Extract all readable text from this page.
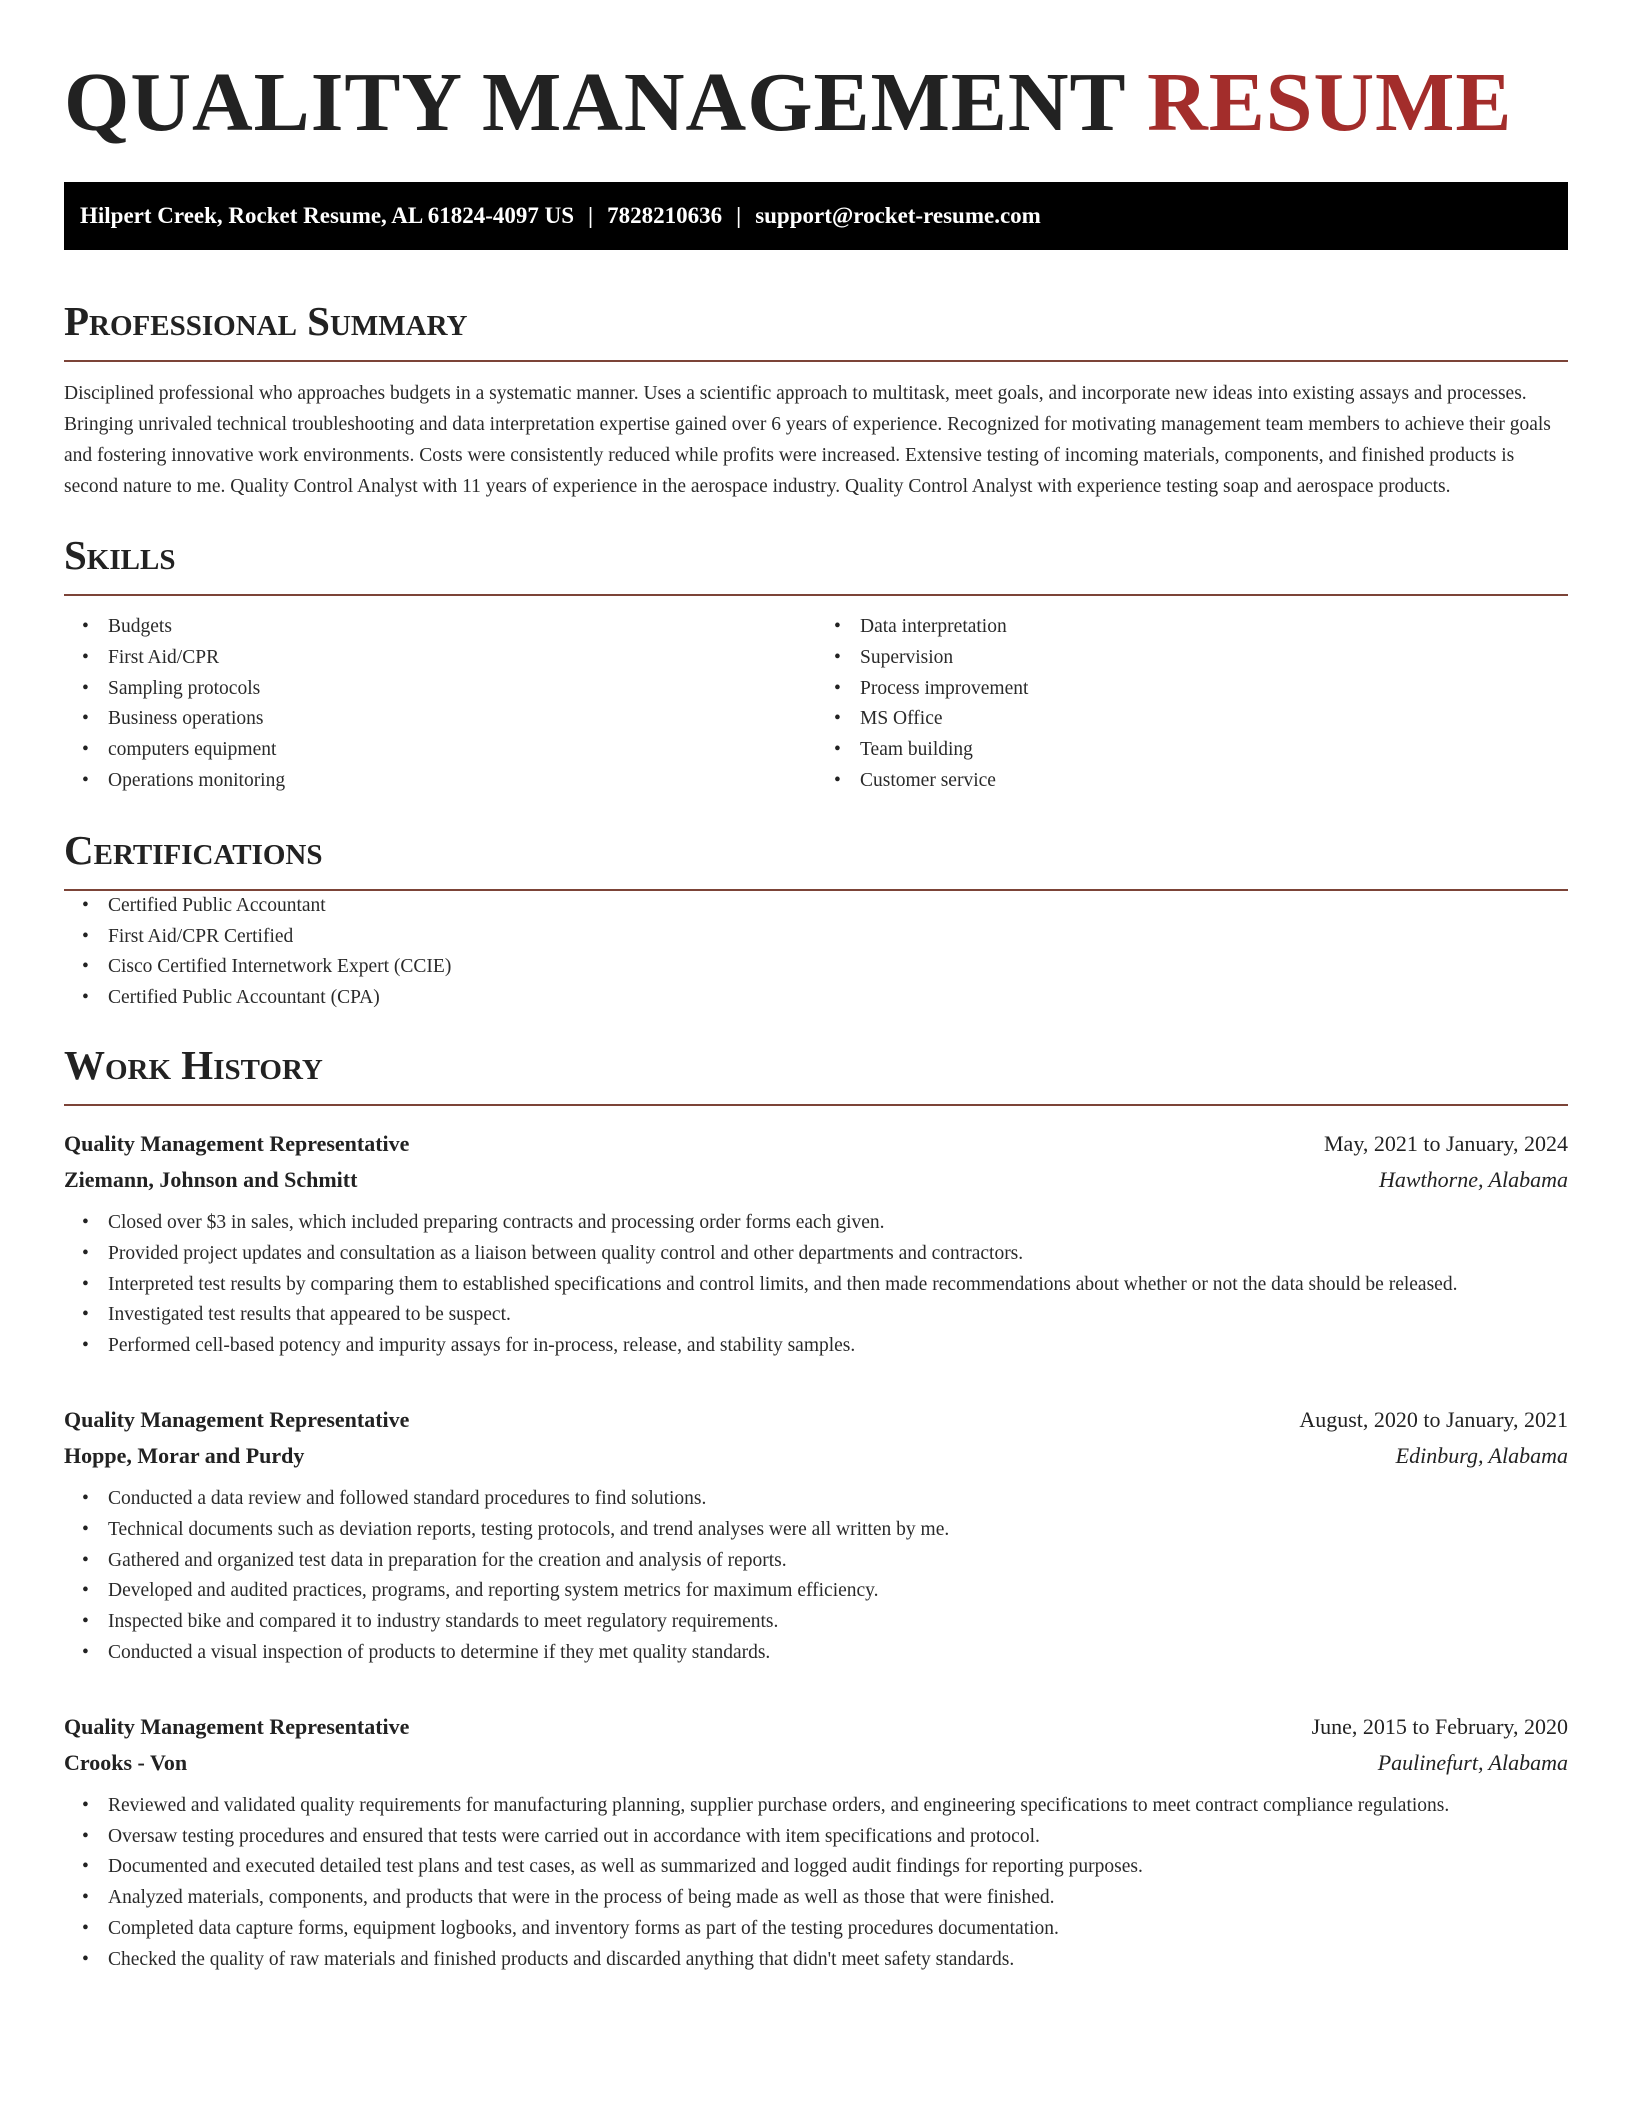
QUALITY MANAGEMENT RESUME
Hilpert Creek, Rocket Resume, AL 61824-4097 US | 7828210636 | support@rocket-resume.com
Professional Summary

Disciplined professional who approaches budgets in a systematic manner. Uses a scientific approach to multitask, meet goals, and incorporate new ideas into existing assays and processes. Bringing unrivaled technical troubleshooting and data interpretation expertise gained over 6 years of experience. Recognized for motivating management team members to achieve their goals and fostering innovative work environments. Costs were consistently reduced while profits were increased. Extensive testing of incoming materials, components, and finished products is second nature to me. Quality Control Analyst with 11 years of experience in the aerospace industry. Quality Control Analyst with experience testing soap and aerospace products.

Skills
• Budgets
• First Aid/CPR
• Sampling protocols
• Business operations
• computers equipment
• Operations monitoring
• Data interpretation
• Supervision
• Process improvement
• MS Office
• Team building
• Customer service
Certifications
• Certified Public Accountant
• First Aid/CPR Certified
• Cisco Certified Internetwork Expert (CCIE)
• Certified Public Accountant (CPA)
Work History
Quality Management Representative	May, 2021 to January, 2024
Ziemann, Johnson and Schmitt	Hawthorne, Alabama
• Closed over $3 in sales, which included preparing contracts and processing order forms each given.
• Provided project updates and consultation as a liaison between quality control and other departments and contractors.
• Interpreted test results by comparing them to established specifications and control limits, and then made recommendations about whether or not the data should be released.
• Investigated test results that appeared to be suspect.
• Performed cell-based potency and impurity assays for in-process, release, and stability samples.
Quality Management Representative	August, 2020 to January, 2021
Hoppe, Morar and Purdy	Edinburg, Alabama
• Conducted a data review and followed standard procedures to find solutions.
• Technical documents such as deviation reports, testing protocols, and trend analyses were all written by me.
• Gathered and organized test data in preparation for the creation and analysis of reports.
• Developed and audited practices, programs, and reporting system metrics for maximum efficiency.
• Inspected bike and compared it to industry standards to meet regulatory requirements.
• Conducted a visual inspection of products to determine if they met quality standards.
Quality Management Representative	June, 2015 to February, 2020
Crooks - Von	Paulinefurt, Alabama
• Reviewed and validated quality requirements for manufacturing planning, supplier purchase orders, and engineering specifications to meet contract compliance regulations.
• Oversaw testing procedures and ensured that tests were carried out in accordance with item specifications and protocol.
• Documented and executed detailed test plans and test cases, as well as summarized and logged audit findings for reporting purposes.
• Analyzed materials, components, and products that were in the process of being made as well as those that were finished.
• Completed data capture forms, equipment logbooks, and inventory forms as part of the testing procedures documentation.
• Checked the quality of raw materials and finished products and discarded anything that didn't meet safety standards.
